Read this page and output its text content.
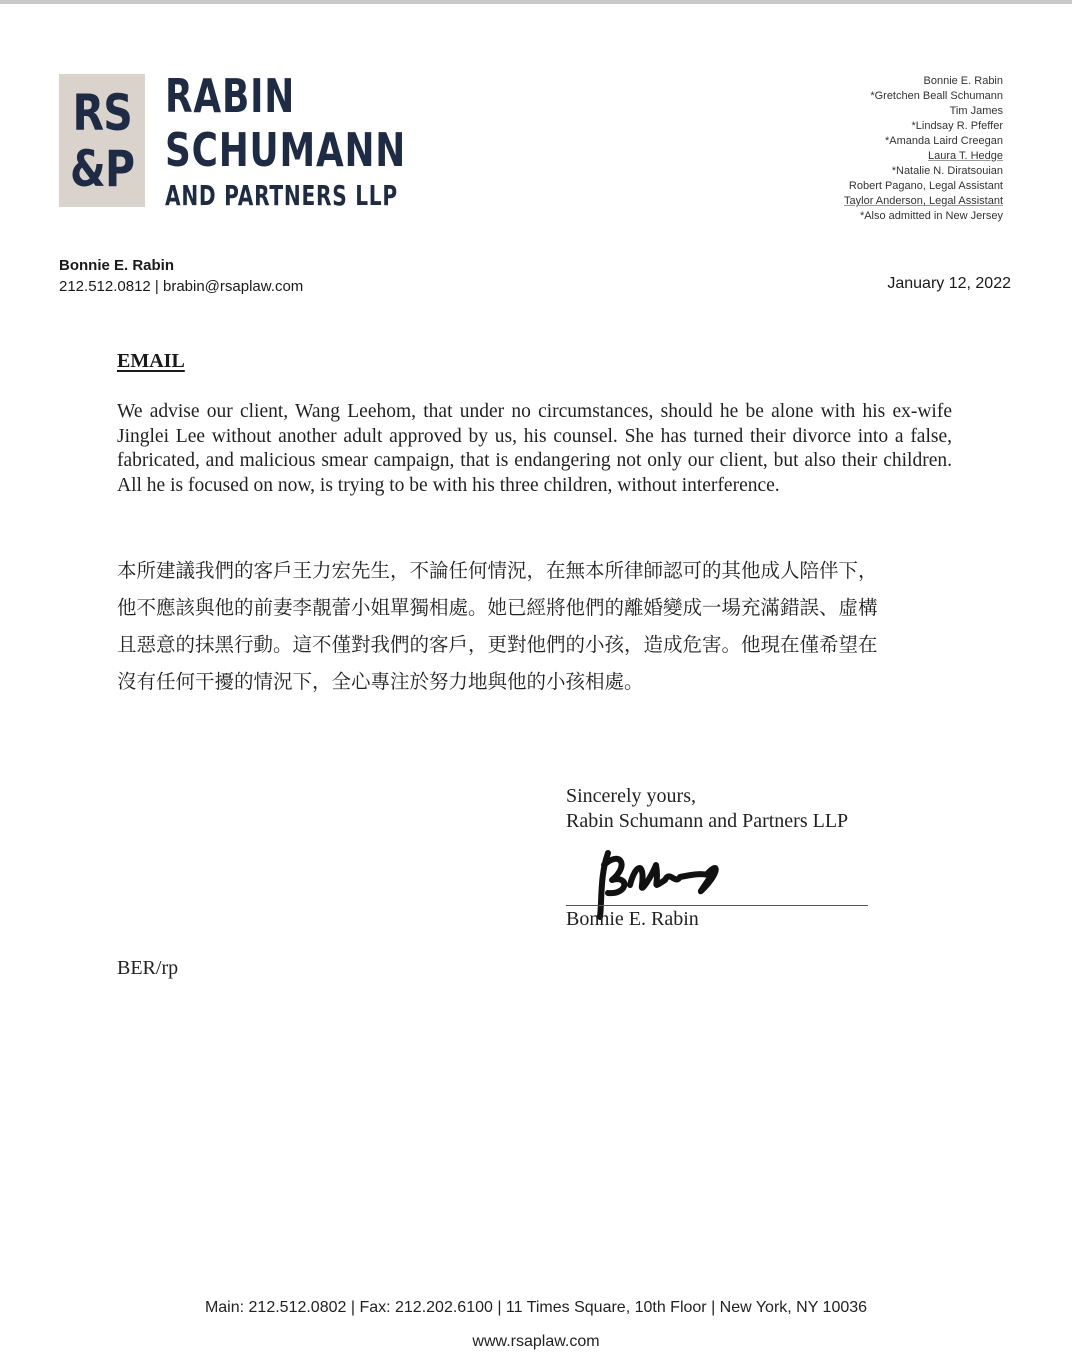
RS
&P
RABIN
SCHUMANN
AND PARTNERS LLP
Bonnie E. Rabin
*Gretchen Beall Schumann
Tim James
*Lindsay R. Pfeffer
*Amanda Laird Creegan
Laura T. Hedge
*Natalie N. Diratsouian
Robert Pagano, Legal Assistant
Taylor Anderson, Legal Assistant
*Also admitted in New Jersey
Bonnie E. Rabin
212.512.0812 | brabin@rsaplaw.com	January 12, 2022
EMAIL
We advise our client, Wang Leehom, that under no circumstances, should he be alone with his ex-wife Jinglei Lee without another adult approved by us, his counsel. She has turned their divorce into a false, fabricated, and malicious smear campaign, that is endangering not only our client, but also their children. All he is focused on now, is trying to be with his three children, without interference.
本所建議我們的客戶王力宏先生，不論任何情況，在無本所律師認可的其他成人陪伴下，
他不應該與他的前妻李靚蕾小姐單獨相處。她已經將他們的離婚變成一場充滿錯誤、虛構
且惡意的抹黑行動。這不僅對我們的客戶，更對他們的小孩，造成危害。他現在僅希望在
沒有任何干擾的情況下，全心專注於努力地與他的小孩相處。
Sincerely yours,
Rabin Schumann and Partners LLP
Bonnie E. Rabin
BER/rp
Main: 212.512.0802 | Fax: 212.202.6100 | 11 Times Square, 10th Floor | New York, NY 10036
www.rsaplaw.com
